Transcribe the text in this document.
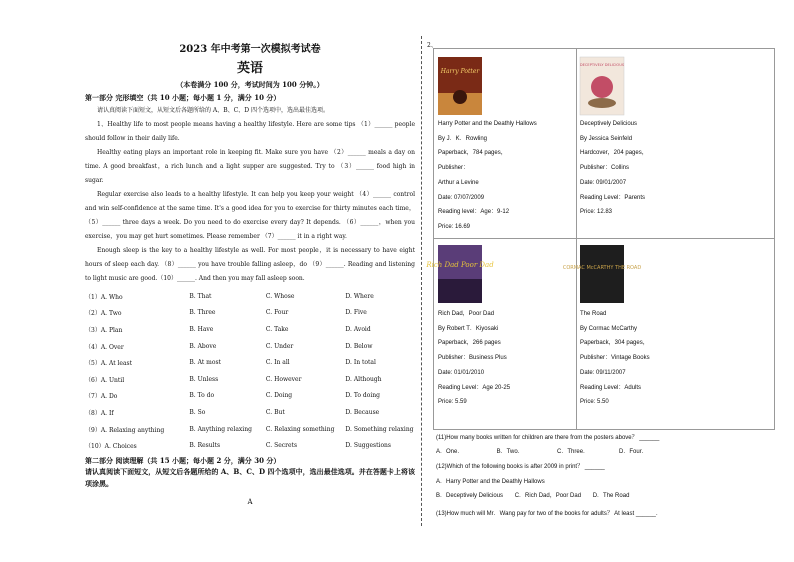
2023 年中考第一次模拟考试卷
英语
（本卷满分 100 分，考试时间为 100 分钟。）
第一部分 完形填空（共 10 小题；每小题 1 分，满分 10 分）
请认真阅读下面短文，从短文后各题所给的 A、B、C、D 四个选项中，选出最佳选项。
1、Healthy life to most people means having a healthy lifestyle. Here are some tips （1）______ people should follow in their daily life.
Healthy eating plays an important role in keeping fit. Make sure you have （2）______ meals a day on time. A good breakfast，a rich lunch and a light supper are suggested. Try to （3）______ food high in sugar.
Regular exercise also leads to a healthy lifestyle. It can help you keep your weight （4）______ control and win self-confidence at the same time. It's a good idea for you to exercise for thirty minutes each time，（5）______ three days a week. Do you need to do exercise every day? It depends. （6）______，when you exercise，you may get hurt sometimes. Please remember （7）______ it in a right way.
Enough sleep is the key to a healthy lifestyle as well. For most people，it is necessary to have eight hours of sleep each day. （8）______ you have trouble falling asleep，do （9）______. Reading and listening to light music are good.（10）______. And then you may fall asleep soon.
（1）A. Who	B. That	C. Whose	D. Where
（2）A. Two	B. Three	C. Four	D. Five
（3）A. Plan	B. Have	C. Take	D. Avoid
（4）A. Over	B. Above	C. Under	D. Below
（5）A. At least	B. At most	C. In all	D. In total
（6）A. Until	B. Unless	C. However	D. Although
（7）A. Do	B. To do	C. Doing	D. To doing
（8）A. If	B. So	C. But	D. Because
（9）A. Relaxing anything	B. Anything relaxing	C. Relaxing something	D. Something relaxing
（10）A. Choices	B. Results	C. Secrets	D. Suggestions
第二部分 阅读理解（共 15 小题；每小题 2 分，满分 30 分）
请认真阅读下面短文，从短文后各题所给的 A、B、C、D 四个选项中，选出最佳选项。并在答题卡上将该项涂黑。
A
2、
Harry Potter
Harry Potter and the Deathly Hallows
By J．K．Rowling
Paperback，784 pages，
Publisher：
Arthur a Levine
Date: 07/07/2009
Reading level：Age：9-12
Price: 16.69
DECEPTIVELY DELICIOUS
Deceptively Delicious
By Jessica Seinfeld
Hardcover，204 pages，
Publisher：Collins
Date: 09/01/2007
Reading Level：Parents
Price: 12.83
Rich Dad Poor Dad
Rich Dad，Poor Dad
By Robert T．Kiyosaki
Paperback，266 pages
Publisher：Business Plus
Date: 01/01/2010
Reading Level：Age 20-25
Price: 5.59
CORMAC McCARTHY THE ROAD
The Road
By Cormac McCarthy
Paperback，304 pages，
Publisher：Vintage Books
Date: 09/11/2007
Reading Level：Adults
Price: 5.50
(11)How many books written for children are there from the posters above？ ______
A．One．                    B．Two．                    C．Three．                  D．Four．
(12)Which of the following books is after 2009 in print？ ______
A．Harry Potter and the Deathly Hallows
B．Deceptively Delicious       C．Rich Dad，Poor Dad       D．The Road
(13)How much will Mr．Wang pay for two of the books for adults？ At least ______．
